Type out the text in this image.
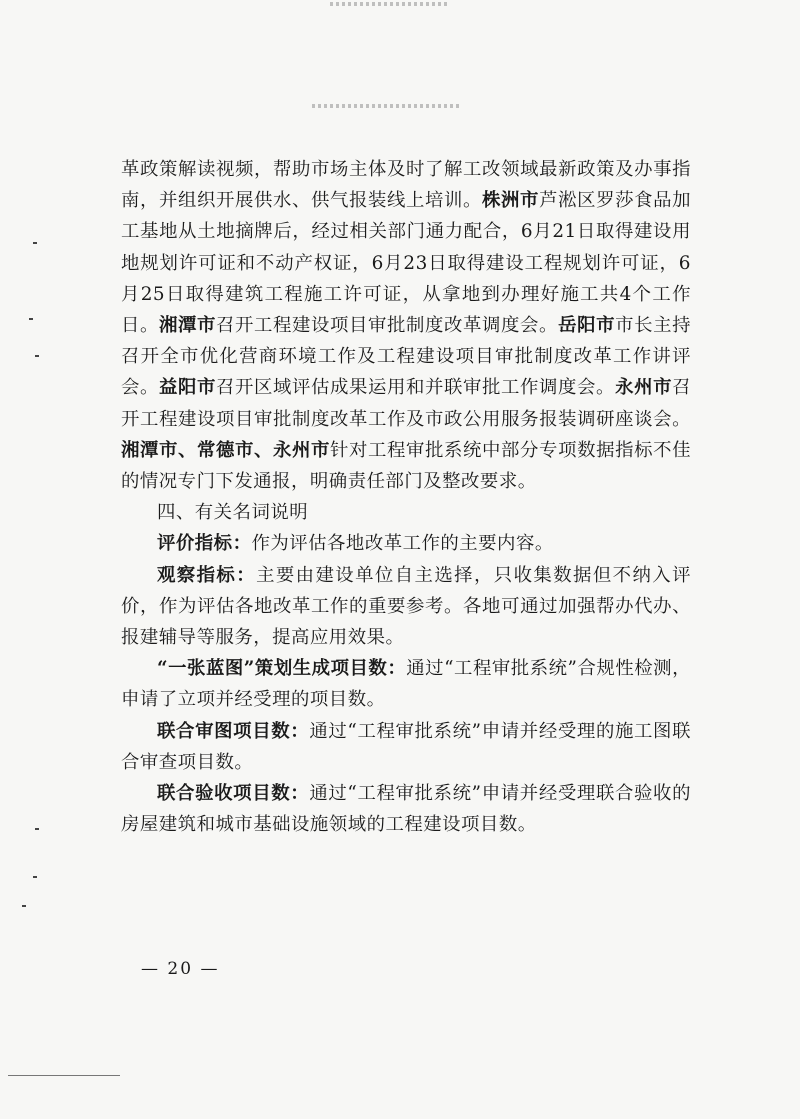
革政策解读视频，帮助市场主体及时了解工改领域最新政策及办事指南，并组织开展供水、供气报装线上培训。株洲市芦淞区罗莎食品加工基地从土地摘牌后，经过相关部门通力配合，6月21日取得建设用地规划许可证和不动产权证，6月23日取得建设工程规划许可证，6月25日取得建筑工程施工许可证，从拿地到办理好施工共4个工作日。湘潭市召开工程建设项目审批制度改革调度会。岳阳市市长主持召开全市优化营商环境工作及工程建设项目审批制度改革工作讲评会。益阳市召开区域评估成果运用和并联审批工作调度会。永州市召开工程建设项目审批制度改革工作及市政公用服务报装调研座谈会。湘潭市、常德市、永州市针对工程审批系统中部分专项数据指标不佳的情况专门下发通报，明确责任部门及整改要求。

四、有关名词说明

评价指标：作为评估各地改革工作的主要内容。

观察指标：主要由建设单位自主选择，只收集数据但不纳入评价，作为评估各地改革工作的重要参考。各地可通过加强帮办代办、报建辅导等服务，提高应用效果。

“一张蓝图”策划生成项目数：通过“工程审批系统”合规性检测，申请了立项并经受理的项目数。

联合审图项目数：通过“工程审批系统”申请并经受理的施工图联合审查项目数。

联合验收项目数：通过“工程审批系统”申请并经受理联合验收的房屋建筑和城市基础设施领域的工程建设项目数。

— 20 —
